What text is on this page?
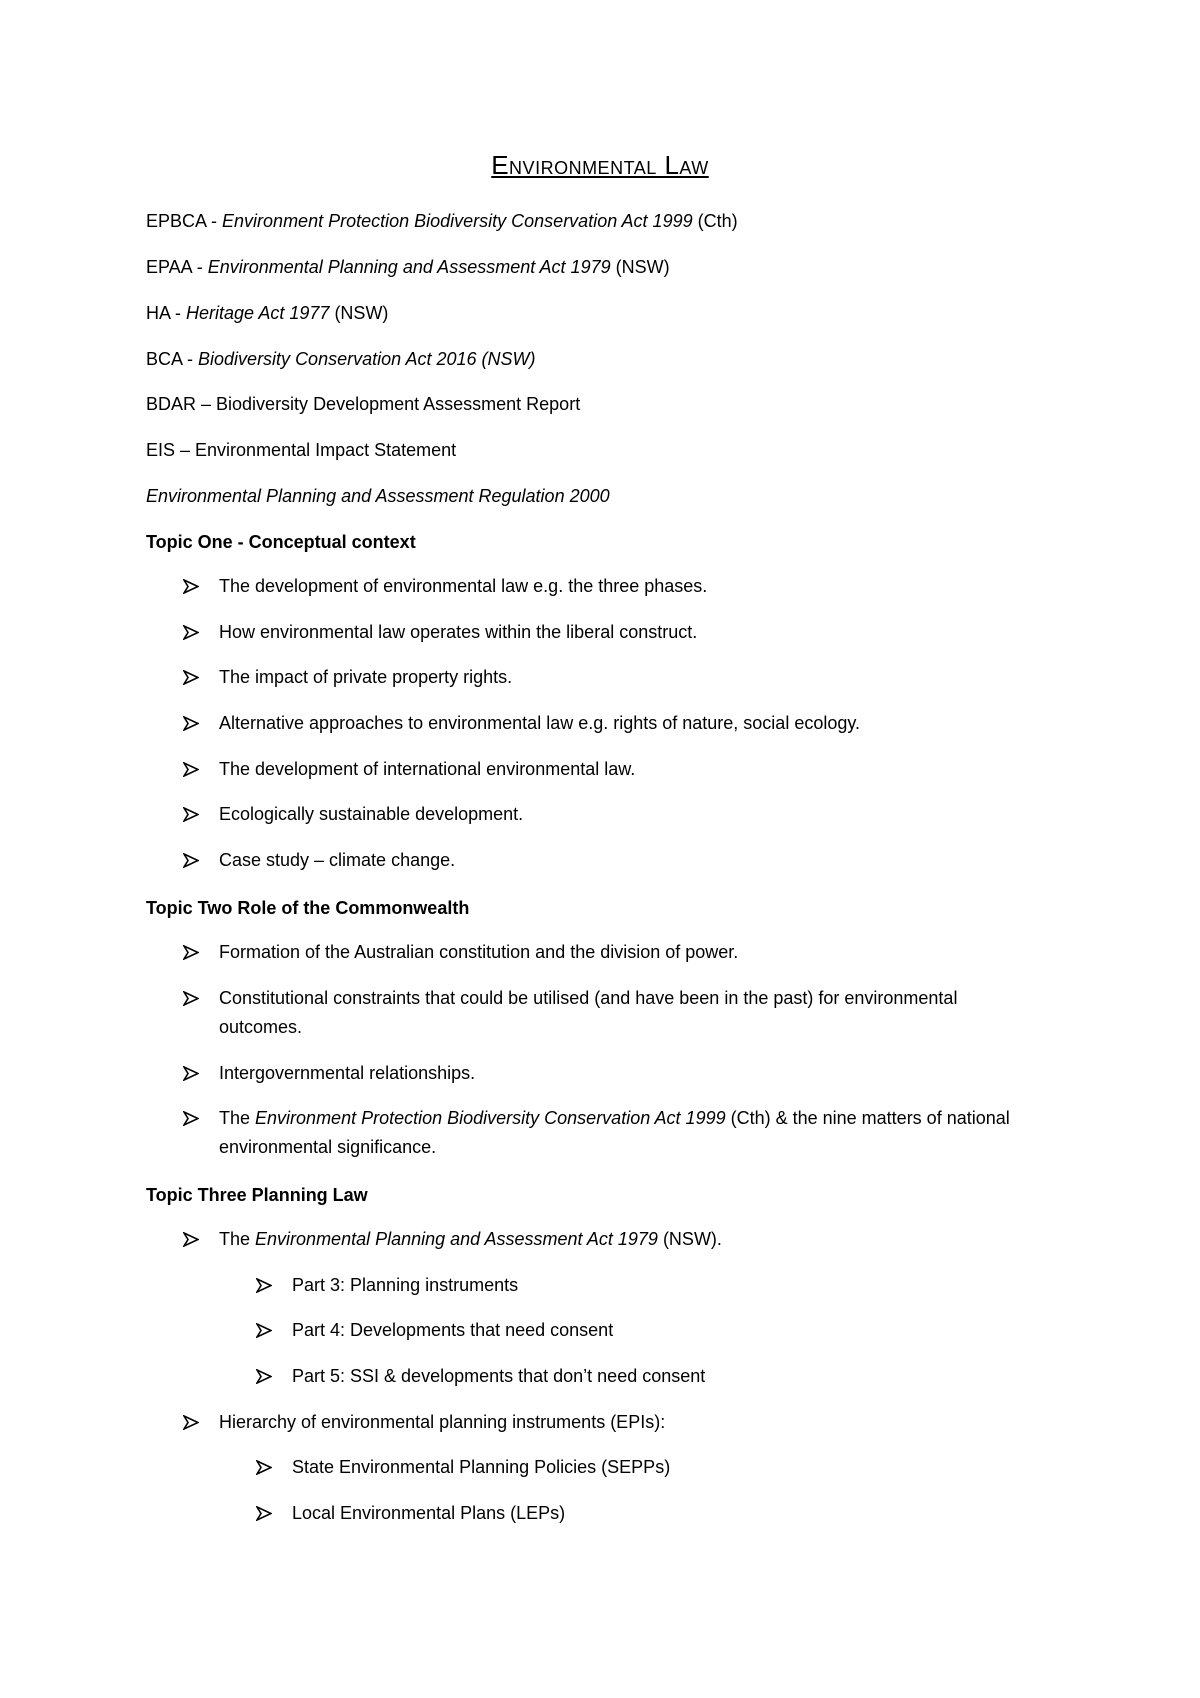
Environmental Law
EPBCA - Environment Protection Biodiversity Conservation Act 1999 (Cth)
EPAA - Environmental Planning and Assessment Act 1979 (NSW)
HA - Heritage Act 1977 (NSW)
BCA - Biodiversity Conservation Act 2016 (NSW)
BDAR – Biodiversity Development Assessment Report
EIS – Environmental Impact Statement
Environmental Planning and Assessment Regulation 2000
Topic One - Conceptual context
The development of environmental law e.g. the three phases.
How environmental law operates within the liberal construct.
The impact of private property rights.
Alternative approaches to environmental law e.g. rights of nature, social ecology.
The development of international environmental law.
Ecologically sustainable development.
Case study – climate change.
Topic Two Role of the Commonwealth
Formation of the Australian constitution and the division of power.
Constitutional constraints that could be utilised (and have been in the past) for environmental outcomes.
Intergovernmental relationships.
The Environment Protection Biodiversity Conservation Act 1999 (Cth) & the nine matters of national environmental significance.
Topic Three Planning Law
The Environmental Planning and Assessment Act 1979 (NSW).
Part 3: Planning instruments
Part 4: Developments that need consent
Part 5: SSI & developments that don’t need consent
Hierarchy of environmental planning instruments (EPIs):
State Environmental Planning Policies (SEPPs)
Local Environmental Plans (LEPs)
